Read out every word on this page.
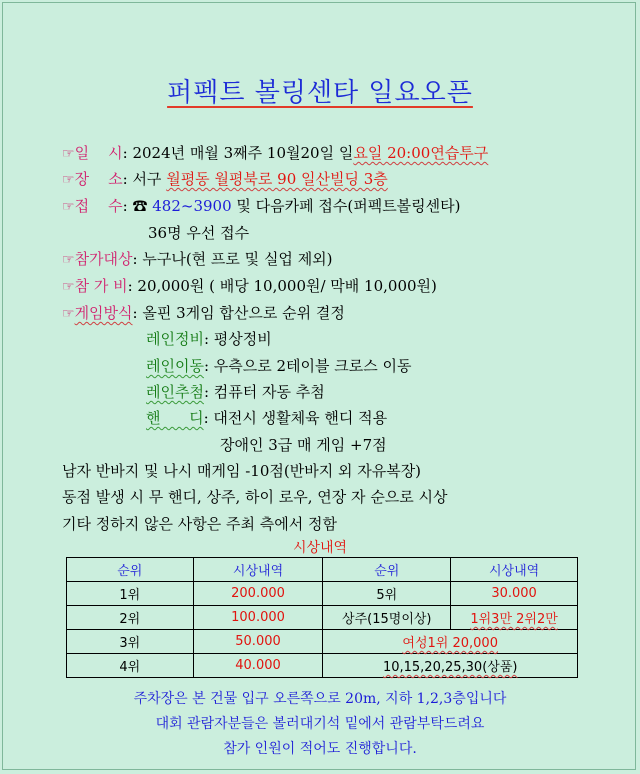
퍼펙트 볼링센타 일요오픈
☞일    시: 2024년 매월 3째주 10월20일 일요일 20:00연습투구
☞장    소: 서구 월평동 월평북로 90 일산빌딩 3층
☞접    수: ☎ 482~3900 및 다음카페 접수(퍼펙트볼링센타)
36명 우선 접수
☞참가대상: 누구나(현 프로 및 실업 제외)
☞참 가 비: 20,000원 ( 배당 10,000원/ 막배 10,000원)
☞게임방식: 올핀 3게임 합산으로 순위 결정
레인정비: 평상정비
레인이동: 우측으로 2테이블 크로스 이동
레인추첨: 컴퓨터 자동 추첨
핸      디: 대전시 생활체육 핸디 적용
장애인 3급 매 게임 +7점
남자 반바지 및 나시 매게임 -10점(반바지 외 자유복장)
동점 발생 시 무 핸디, 상주, 하이 로우, 연장 자 순으로 시상
기타 정하지 않은 사항은 주최 측에서 정함
시상내역
순위	시상내역	순위	시상내역
1위	200.000	5위	30.000
2위	100.000	상주(15명이상)	1위3만 2위2만
3위	50.000	여성1위 20,000	
4위	40.000	10,15,20,25,30(상품)	
주차장은 본 건물 입구 오른쪽으로 20m, 지하 1,2,3층입니다
대회 관람자분들은 볼러대기석 밑에서 관람부탁드려요
참가 인원이 적어도 진행합니다.
